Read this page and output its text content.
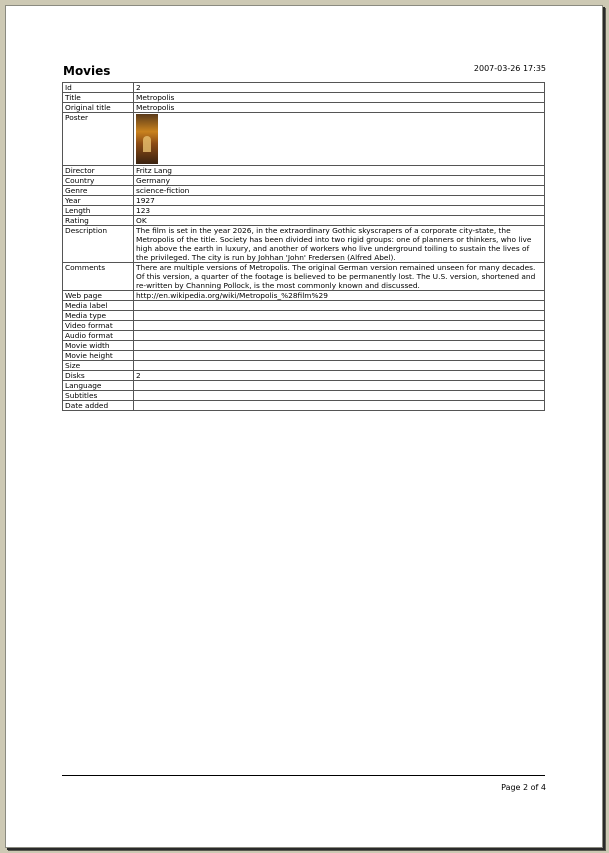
Movies	2007-03-26 17:35
Id	2
Title	Metropolis
Original title	Metropolis
Poster	

Director	Fritz Lang
Country	Germany
Genre	science-fiction
Year	1927
Length	123
Rating	OK
Description	The film is set in the year 2026, in the extraordinary Gothic skyscrapers of a corporate city-state, the Metropolis of the title. Society has been divided into two rigid groups: one of planners or thinkers, who live high above the earth in luxury, and another of workers who live underground toiling to sustain the lives of the privileged. The city is run by Johhan 'John' Fredersen (Alfred Abel).
Comments	There are multiple versions of Metropolis. The original German version remained unseen for many decades. Of this version, a quarter of the footage is believed to be permanently lost. The U.S. version, shortened and re-written by Channing Pollock, is the most commonly known and discussed.
Web page	http://en.wikipedia.org/wiki/Metropolis_%28film%29
Media label	
Media type	
Video format	
Audio format	
Movie width	
Movie height	
Size	
Disks	2
Language	
Subtitles	
Date added	
Page 2 of 4
